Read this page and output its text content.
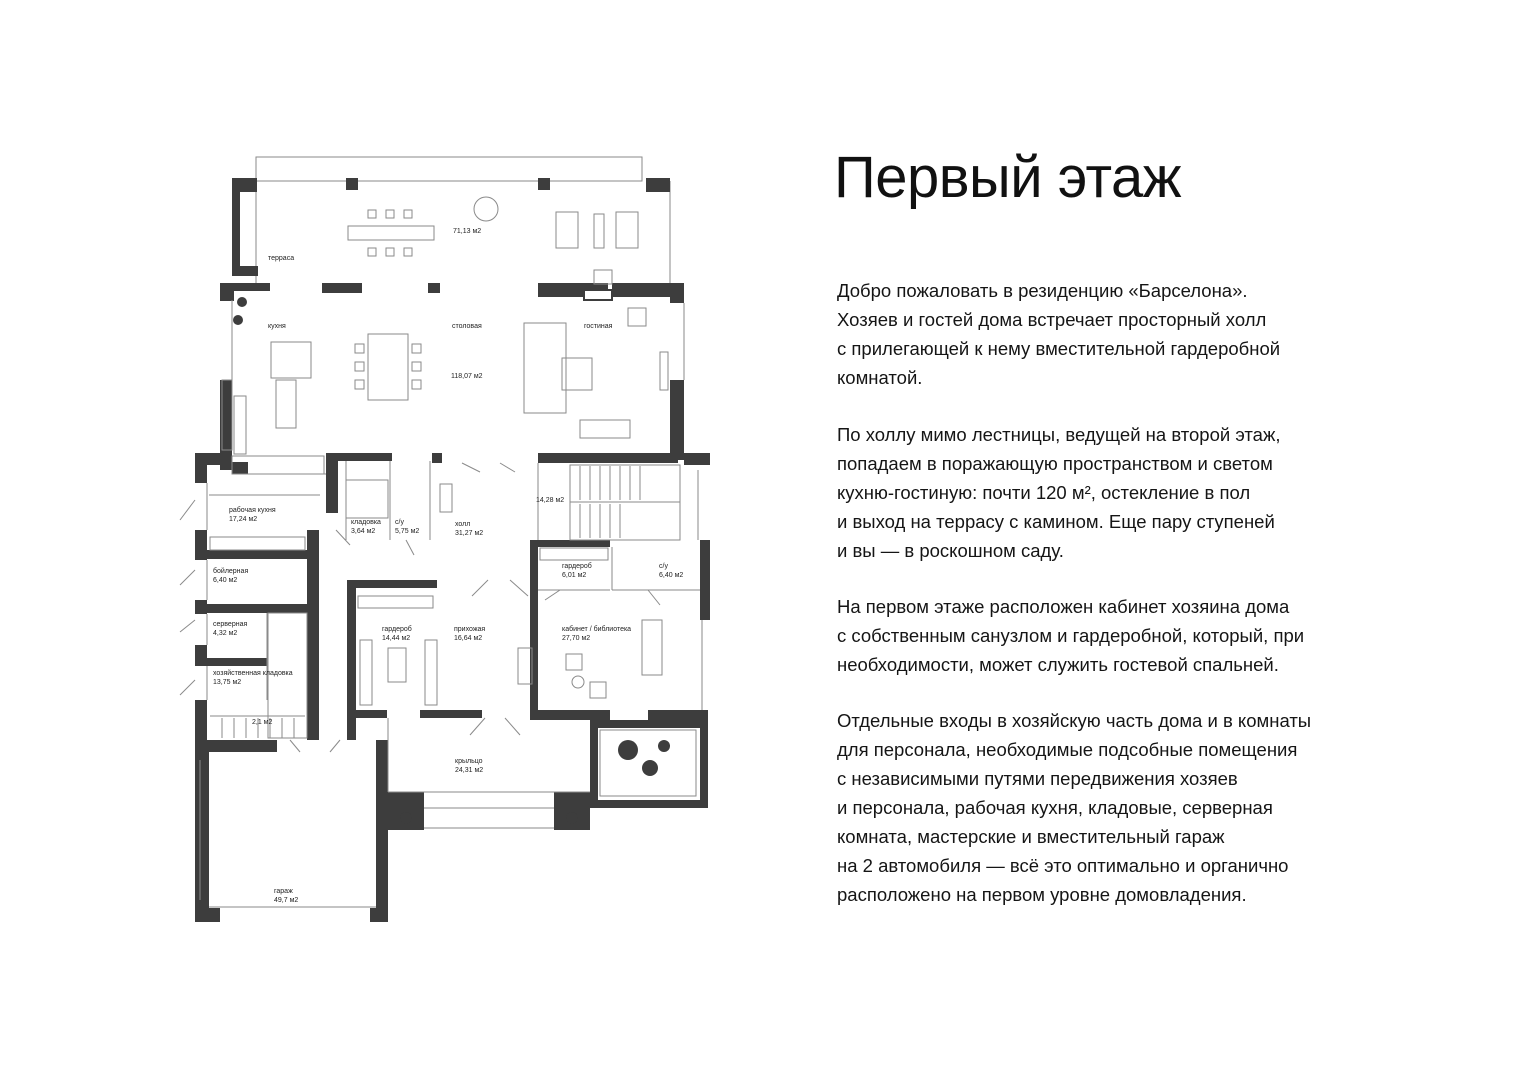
терраса
71,13 м2
кухня	столовая
118,07 м2
гостиная
14,28 м2
рабочая кухня
17,24 м2	кладовка
3,64 м2
с/у
5,75 м2
холл
31,27 м2
гардероб
6,01 м2
с/у
6,40 м2
бойлерная
6,40 м2
серверная
4,32 м2
гардероб
14,44 м2
прихожая
16,64 м2
кабинет / библиотека
27,70 м2
хозяйственная кладовка
13,75 м2
2,1 м2
крыльцо
24,31 м2
гараж
49,7 м2
Первый этаж

Добро пожаловать в резиденцию «Барселона».
Хозяев и гостей дома встречает просторный холл
с прилегающей к нему вместительной гардеробной
комнатой.

По холлу мимо лестницы, ведущей на второй этаж,
попадаем в поражающую пространством и светом
кухню-гостиную: почти 120 м², остекление в пол
и выход на террасу с камином. Еще пару ступеней
и вы — в роскошном саду.

На первом этаже расположен кабинет хозяина дома
с собственным санузлом и гардеробной, который, при
необходимости, может служить гостевой спальней.

Отдельные входы в хозяйскую часть дома и в комнаты
для персонала, необходимые подсобные помещения
с независимыми путями передвижения хозяев
и персонала, рабочая кухня, кладовые, серверная
комната, мастерские и вместительный гараж
на 2 автомобиля — всё это оптимально и органично
расположено на первом уровне домовладения.
